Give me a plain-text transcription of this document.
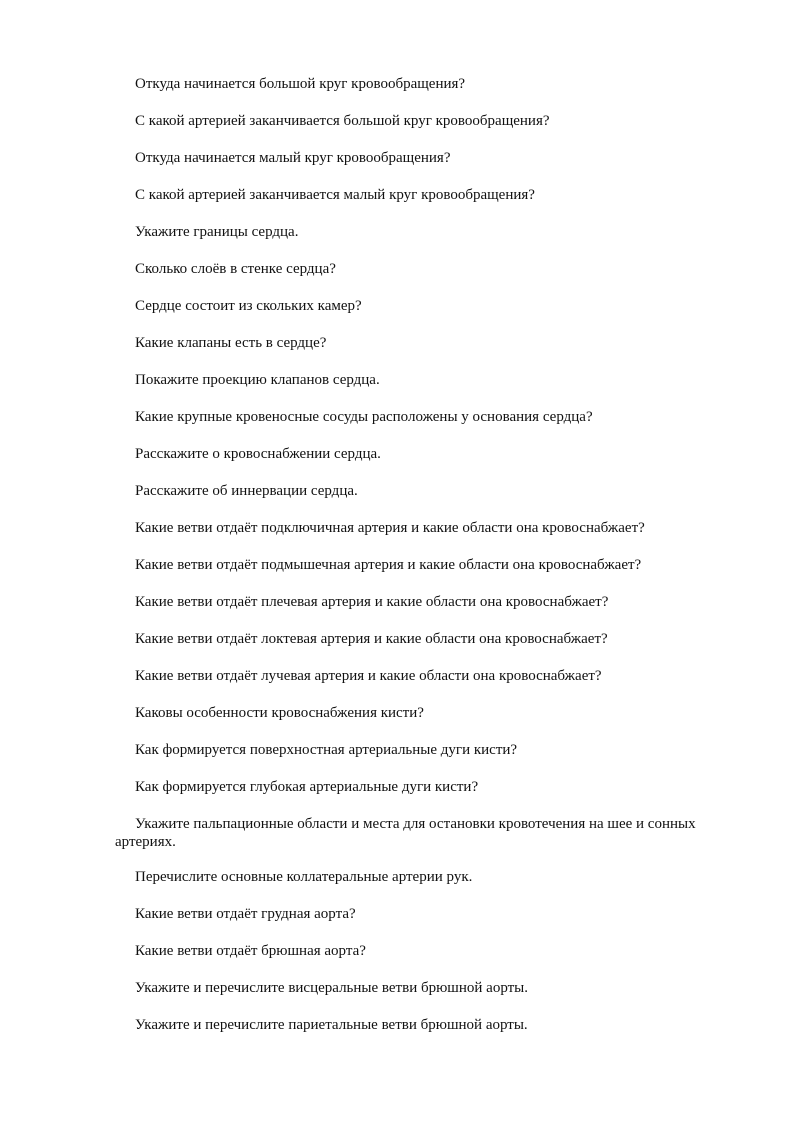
Откуда начинается большой круг кровообращения?

С какой артерией заканчивается большой круг кровообращения?

Откуда начинается малый круг кровообращения?

С какой артерией заканчивается малый круг кровообращения?

Укажите границы сердца.

Сколько слоёв в стенке сердца?

Сердце состоит из скольких камер?

Какие клапаны есть в сердце?

Покажите проекцию клапанов сердца.

Какие крупные кровеносные сосуды расположены у основания сердца?

Расскажите о кровоснабжении сердца.

Расскажите об иннервации сердца.

Какие ветви отдаёт подключичная артерия и какие области она кровоснабжает?

Какие ветви отдаёт подмышечная артерия и какие области она кровоснабжает?

Какие ветви отдаёт плечевая артерия и какие области она кровоснабжает?

Какие ветви отдаёт локтевая артерия и какие области она кровоснабжает?

Какие ветви отдаёт лучевая артерия и какие области она кровоснабжает?

Каковы особенности кровоснабжения кисти?

Как формируется поверхностная артериальные дуги кисти?

Как формируется глубокая артериальные дуги кисти?

Укажите пальпационные области и места для остановки кровотечения на шее и сонных артериях.

Перечислите основные коллатеральные артерии рук.

Какие ветви отдаёт грудная аорта?

Какие ветви отдаёт брюшная аорта?

Укажите и перечислите висцеральные ветви брюшной аорты.

Укажите и перечислите париетальные ветви брюшной аорты.
